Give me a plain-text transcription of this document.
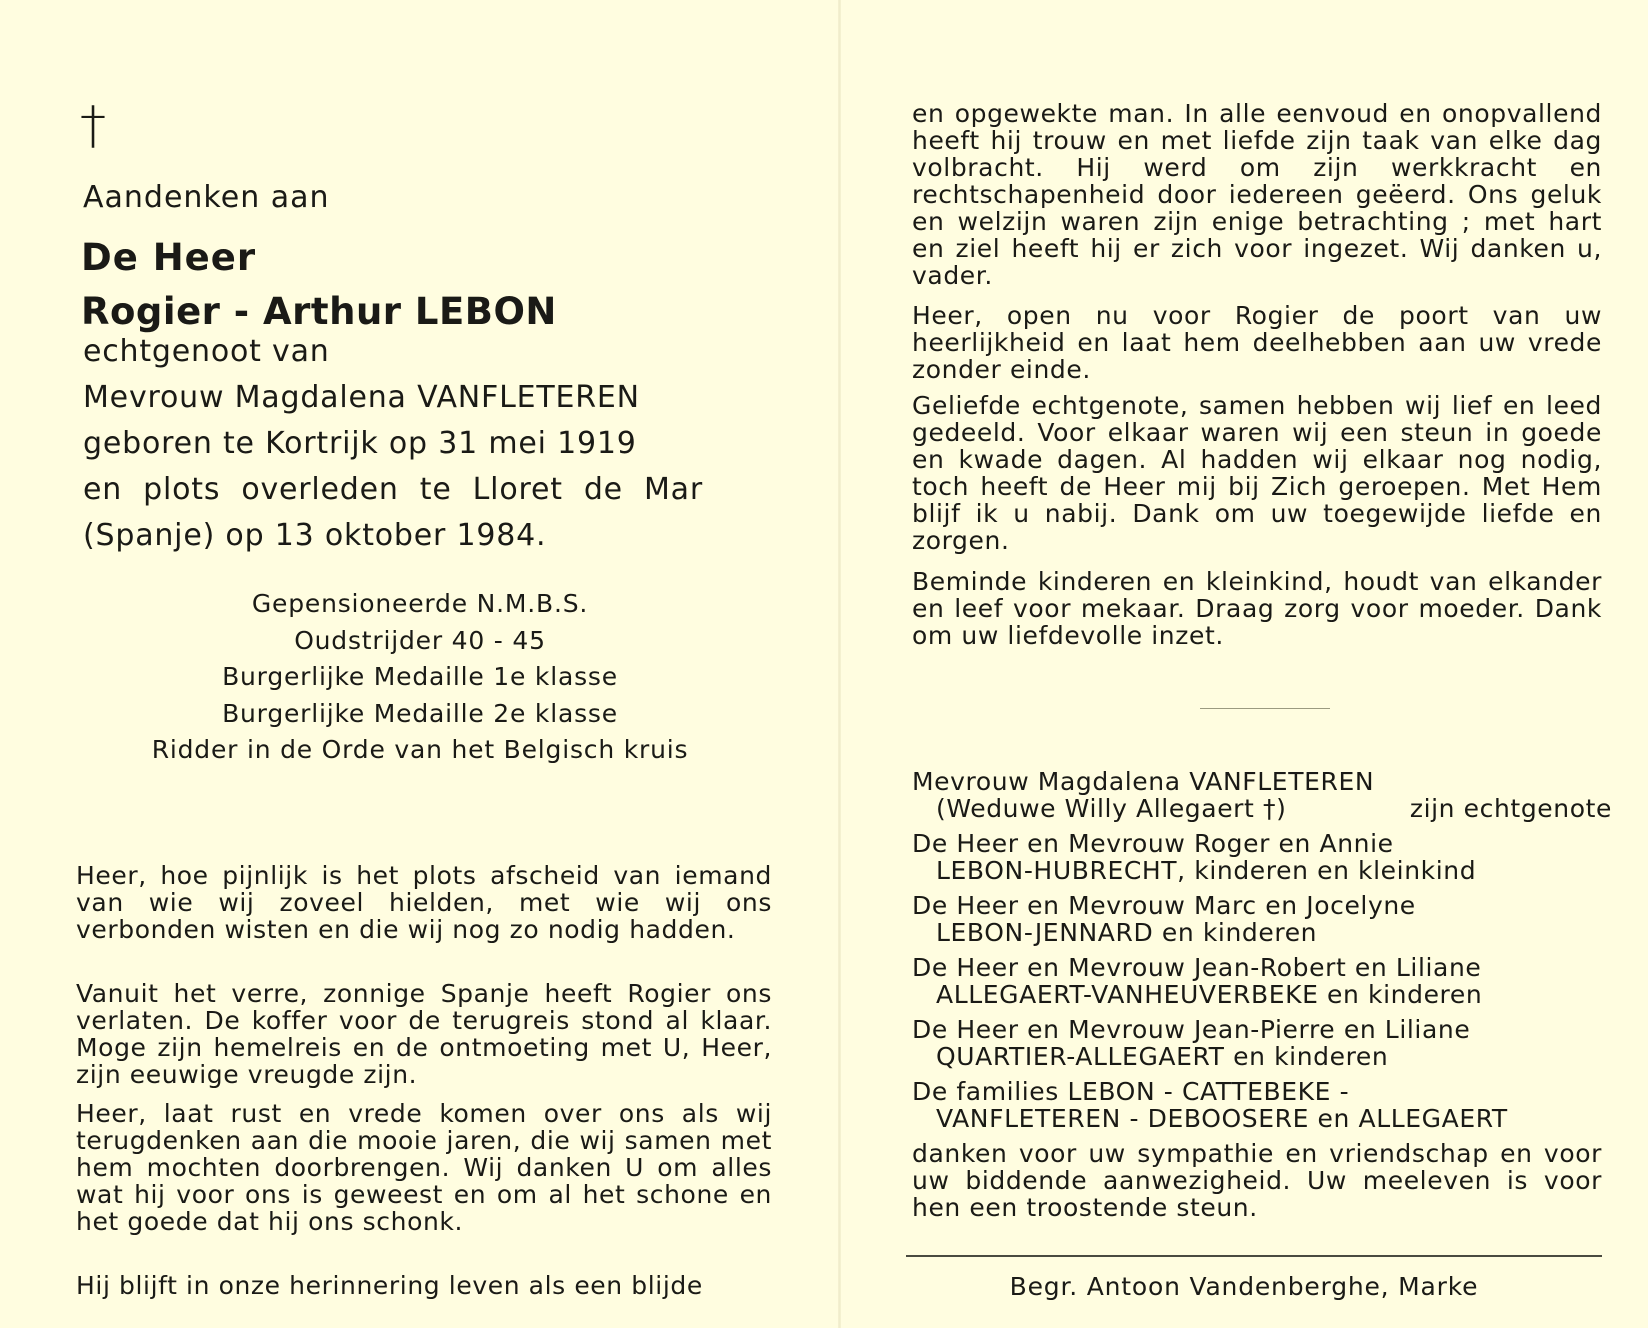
†
Aandenken aan
De Heer
Rogier - Arthur LEBON
echtgenoot van
Mevrouw Magdalena VANFLETEREN
geboren te Kortrijk op 31 mei 1919
en plots overleden te Lloret de Mar
(Spanje) op 13 oktober 1984.
Gepensioneerde N.M.B.S.
Oudstrijder 40 - 45
Burgerlijke Medaille 1e klasse
Burgerlijke Medaille 2e klasse
Ridder in de Orde van het Belgisch kruis

Heer, hoe pijnlijk is het plots afscheid van iemand van wie wij zoveel hielden, met wie wij ons verbonden wisten en die wij nog zo nodig hadden.

Vanuit het verre, zonnige Spanje heeft Rogier ons verlaten. De koffer voor de terugreis stond al klaar. Moge zijn hemelreis en de ontmoeting met U, Heer, zijn eeuwige vreugde zijn.

Heer, laat rust en vrede komen over ons als wij terugdenken aan die mooie jaren, die wij samen met hem mochten doorbrengen. Wij danken U om alles wat hij voor ons is geweest en om al het schone en het goede dat hij ons schonk.

Hij blijft in onze herinnering leven als een blijde

en opgewekte man. In alle eenvoud en onopvallend heeft hij trouw en met liefde zijn taak van elke dag volbracht. Hij werd om zijn werkkracht en rechtschapenheid door iedereen geëerd. Ons geluk en welzijn waren zijn enige betrachting ; met hart en ziel heeft hij er zich voor ingezet. Wij danken u, vader.

Heer, open nu voor Rogier de poort van uw heerlijkheid en laat hem deelhebben aan uw vrede zonder einde.

Geliefde echtgenote, samen hebben wij lief en leed gedeeld. Voor elkaar waren wij een steun in goede en kwade dagen. Al hadden wij elkaar nog nodig, toch heeft de Heer mij bij Zich geroepen. Met Hem blijf ik u nabij. Dank om uw toegewijde liefde en zorgen.

Beminde kinderen en kleinkind, houdt van elkander en leef voor mekaar. Draag zorg voor moeder. Dank om uw liefdevolle inzet.

Mevrouw Magdalena VANFLETEREN
(Weduwe Willy Allegaert †)	zijn echtgenote
De Heer en Mevrouw Roger en Annie
LEBON-HUBRECHT, kinderen en kleinkind
De Heer en Mevrouw Marc en Jocelyne
LEBON-JENNARD en kinderen
De Heer en Mevrouw Jean-Robert en Liliane
ALLEGAERT-VANHEUVERBEKE en kinderen
De Heer en Mevrouw Jean-Pierre en Liliane
QUARTIER-ALLEGAERT en kinderen
De families LEBON - CATTEBEKE -
VANFLETEREN - DEBOOSERE en ALLEGAERT

danken voor uw sympathie en vriendschap en voor uw biddende aanwezigheid. Uw meeleven is voor hen een troostende steun.

Begr. Antoon Vandenberghe, Marke
